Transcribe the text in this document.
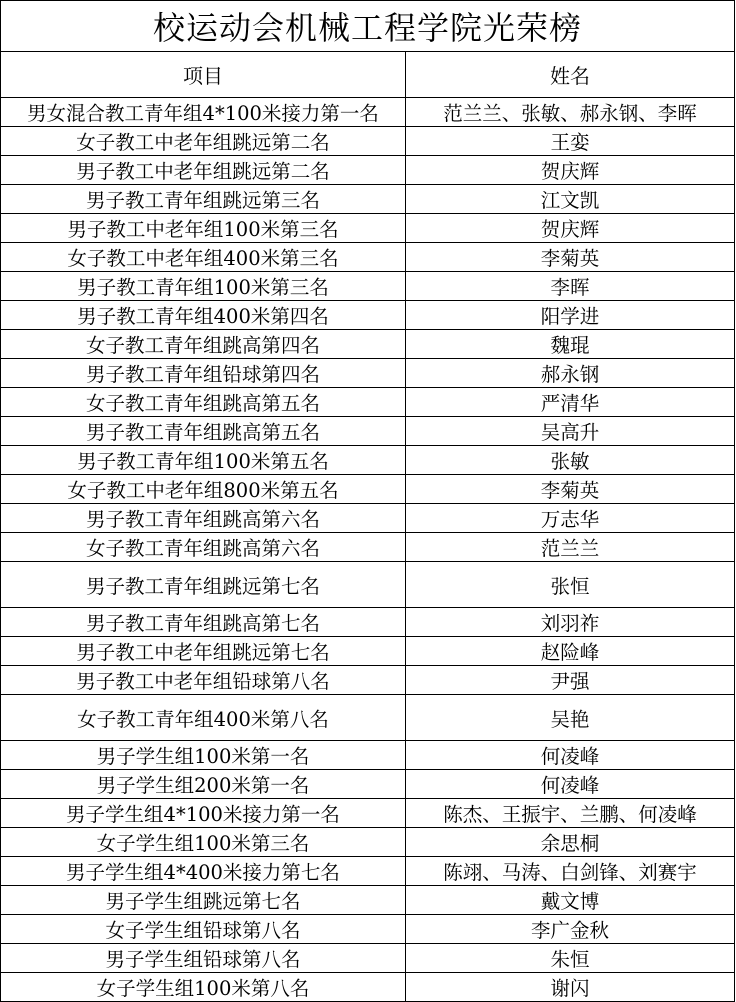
校运动会机械工程学院光荣榜	
项目	姓名
男女混合教工青年组4*100米接力第一名	范兰兰、张敏、郝永钢、李晖
女子教工中老年组跳远第二名	王娈
男子教工中老年组跳远第二名	贺庆辉
男子教工青年组跳远第三名	江文凯
男子教工中老年组100米第三名	贺庆辉
女子教工中老年组400米第三名	李菊英
男子教工青年组100米第三名	李晖
男子教工青年组400米第四名	阳学进
女子教工青年组跳高第四名	魏琨
男子教工青年组铅球第四名	郝永钢
女子教工青年组跳高第五名	严清华
男子教工青年组跳高第五名	吴高升
男子教工青年组100米第五名	张敏
女子教工中老年组800米第五名	李菊英
男子教工青年组跳高第六名	万志华
女子教工青年组跳高第六名	范兰兰
男子教工青年组跳远第七名	张恒
男子教工青年组跳高第七名	刘羽祚
男子教工中老年组跳远第七名	赵险峰
男子教工中老年组铅球第八名	尹强
女子教工青年组400米第八名	吴艳
男子学生组100米第一名	何凌峰
男子学生组200米第一名	何凌峰
男子学生组4*100米接力第一名	陈杰、王振宇、兰鹏、何凌峰
女子学生组100米第三名	余思桐
男子学生组4*400米接力第七名	陈翊、马涛、白剑锋、刘赛宇
男子学生组跳远第七名	戴文博
女子学生组铅球第八名	李广金秋
男子学生组铅球第八名	朱恒
女子学生组100米第八名	谢闪
